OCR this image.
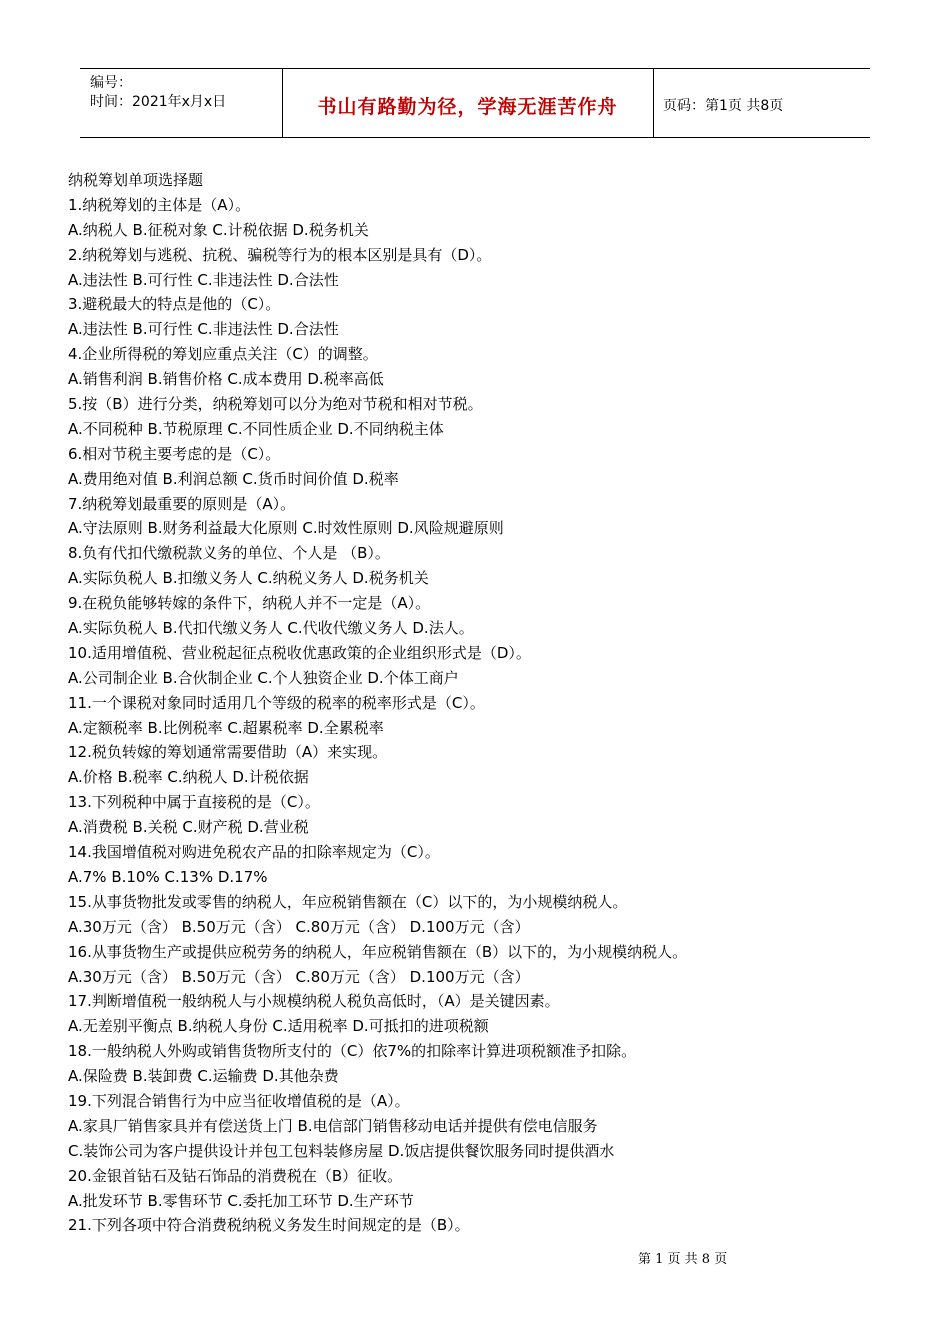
编号：
时间：2021年x月x日	书山有路勤为径，学海无涯苦作舟	页码：第1页 共8页
纳税筹划单项选择题
1.纳税筹划的主体是（A）。
A.纳税人 B.征税对象 C.计税依据 D.税务机关
2.纳税筹划与逃税、抗税、骗税等行为的根本区别是具有（D）。
A.违法性 B.可行性 C.非违法性 D.合法性
3.避税最大的特点是他的（C）。
A.违法性 B.可行性 C.非违法性 D.合法性
4.企业所得税的筹划应重点关注（C）的调整。
A.销售利润 B.销售价格 C.成本费用 D.税率高低
5.按（B）进行分类，纳税筹划可以分为绝对节税和相对节税。
A.不同税种 B.节税原理 C.不同性质企业 D.不同纳税主体
6.相对节税主要考虑的是（C）。
A.费用绝对值 B.利润总额 C.货币时间价值 D.税率
7.纳税筹划最重要的原则是（A）。
A.守法原则 B.财务利益最大化原则 C.时效性原则 D.风险规避原则
8.负有代扣代缴税款义务的单位、个人是 （B）。
A.实际负税人 B.扣缴义务人 C.纳税义务人 D.税务机关
9.在税负能够转嫁的条件下，纳税人并不一定是（A）。
A.实际负税人 B.代扣代缴义务人 C.代收代缴义务人 D.法人。
10.适用增值税、营业税起征点税收优惠政策的企业组织形式是（D）。
A.公司制企业 B.合伙制企业 C.个人独资企业 D.个体工商户
11.一个课税对象同时适用几个等级的税率的税率形式是（C）。
A.定额税率 B.比例税率 C.超累税率 D.全累税率
12.税负转嫁的筹划通常需要借助（A）来实现。
A.价格 B.税率 C.纳税人 D.计税依据
13.下列税种中属于直接税的是（C）。
A.消费税 B.关税 C.财产税 D.营业税
14.我国增值税对购进免税农产品的扣除率规定为（C）。
A.7% B.10% C.13% D.17%
15.从事货物批发或零售的纳税人，年应税销售额在（C）以下的，为小规模纳税人。
A.30万元（含） B.50万元（含） C.80万元（含） D.100万元（含）
16.从事货物生产或提供应税劳务的纳税人，年应税销售额在（B）以下的，为小规模纳税人。
A.30万元（含） B.50万元（含） C.80万元（含） D.100万元（含）
17.判断增值税一般纳税人与小规模纳税人税负高低时，（A）是关键因素。
A.无差别平衡点 B.纳税人身份 C.适用税率 D.可抵扣的进项税额
18.一般纳税人外购或销售货物所支付的（C）依7%的扣除率计算进项税额准予扣除。
A.保险费 B.装卸费 C.运输费 D.其他杂费
19.下列混合销售行为中应当征收增值税的是（A）。
A.家具厂销售家具并有偿送货上门 B.电信部门销售移动电话并提供有偿电信服务
C.装饰公司为客户提供设计并包工包料装修房屋 D.饭店提供餐饮服务同时提供酒水
20.金银首钻石及钻石饰品的消费税在（B）征收。
A.批发环节 B.零售环节 C.委托加工环节 D.生产环节
21.下列各项中符合消费税纳税义务发生时间规定的是（B）。
第 1 页 共 8 页
